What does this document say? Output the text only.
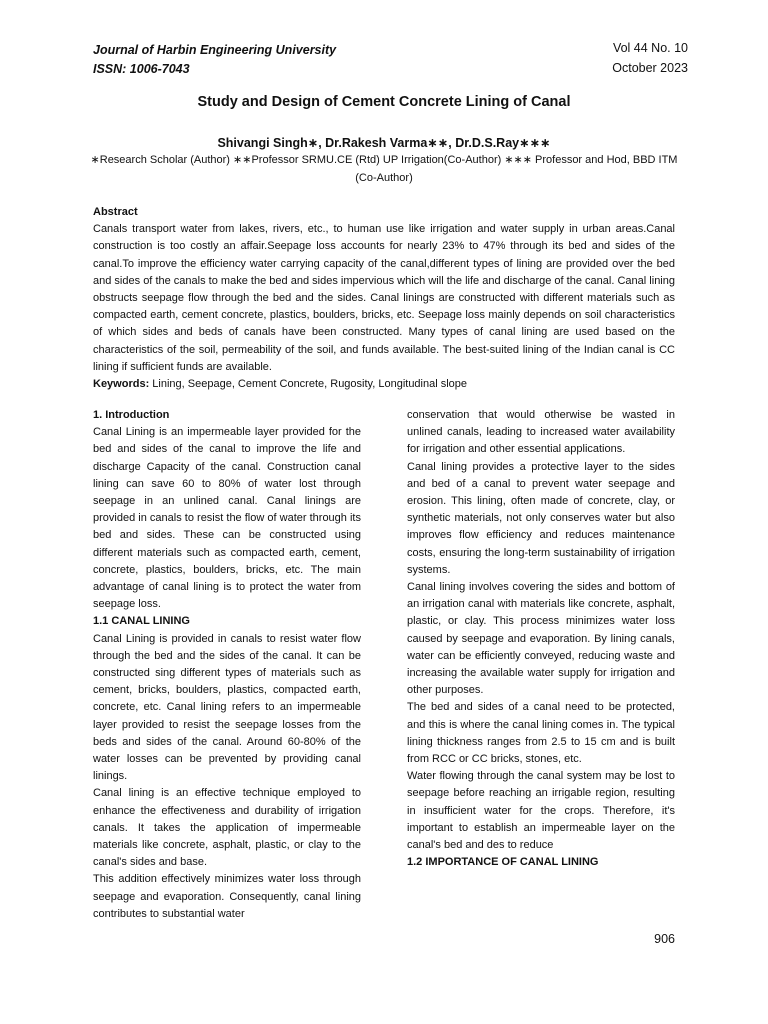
Journal of Harbin Engineering University
ISSN: 1006-7043
Vol 44 No. 10
October 2023
Study and Design of Cement Concrete Lining of Canal
Shivangi Singh∗, Dr.Rakesh Varma∗∗, Dr.D.S.Ray∗∗∗
∗Research Scholar (Author) ∗∗Professor SRMU.CE (Rtd) UP Irrigation(Co-Author) ∗∗∗ Professor and Hod, BBD ITM (Co-Author)
Abstract

Canals transport water from lakes, rivers, etc., to human use like irrigation and water supply in urban areas.Canal construction is too costly an affair.Seepage loss accounts for nearly 23% to 47% through its bed and sides of the canal.To improve the efficiency water carrying capacity of the canal,different types of lining are provided over the bed and sides of the canals to make the bed and sides impervious which will the life and discharge of the canal. Canal lining obstructs seepage flow through the bed and the sides. Canal linings are constructed with different materials such as compacted earth, cement concrete, plastics, boulders, bricks, etc. Seepage loss mainly depends on soil characteristics of which sides and beds of canals have been constructed. Many types of canal lining are used based on the characteristics of the soil, permeability of the soil, and funds available. The best-suited lining of the Indian canal is CC lining if sufficient funds are available.

Keywords: Lining, Seepage, Cement Concrete, Rugosity, Longitudinal slope
1. Introduction

Canal Lining is an impermeable layer provided for the bed and sides of the canal to improve the life and discharge Capacity of the canal. Construction canal lining can save 60 to 80% of water lost through seepage in an unlined canal. Canal linings are provided in canals to resist the flow of water through its bed and sides. These can be constructed using different materials such as compacted earth, cement, concrete, plastics, boulders, bricks, etc. The main advantage of canal lining is to protect the water from seepage loss.

1.1 CANAL LINING

Canal Lining is provided in canals to resist water flow through the bed and the sides of the canal. It can be constructed sing different types of materials such as cement, bricks, boulders, plastics, compacted earth, concrete, etc. Canal lining refers to an impermeable layer provided to resist the seepage losses from the beds and sides of the canal. Around 60-80% of the water losses can be prevented by providing canal linings.

Canal lining is an effective technique employed to enhance the effectiveness and durability of irrigation canals. It takes the application of impermeable materials like concrete, asphalt, plastic, or clay to the canal's sides and base.

This addition effectively minimizes water loss through seepage and evaporation. Consequently, canal lining contributes to substantial water

conservation that would otherwise be wasted in unlined canals, leading to increased water availability for irrigation and other essential applications.

Canal lining provides a protective layer to the sides and bed of a canal to prevent water seepage and erosion. This lining, often made of concrete, clay, or synthetic materials, not only conserves water but also improves flow efficiency and reduces maintenance costs, ensuring the long-term sustainability of irrigation systems.

Canal lining involves covering the sides and bottom of an irrigation canal with materials like concrete, asphalt, plastic, or clay. This process minimizes water loss caused by seepage and evaporation. By lining canals, water can be efficiently conveyed, reducing waste and increasing the available water supply for irrigation and other purposes.

The bed and sides of a canal need to be protected, and this is where the canal lining comes in. The typical lining thickness ranges from 2.5 to 15 cm and is built from RCC or CC bricks, stones, etc.

Water flowing through the canal system may be lost to seepage before reaching an irrigable region, resulting in insufficient water for the crops. Therefore, it's important to establish an impermeable layer on the canal's bed and des to reduce

1.2 IMPORTANCE OF CANAL LINING
906
